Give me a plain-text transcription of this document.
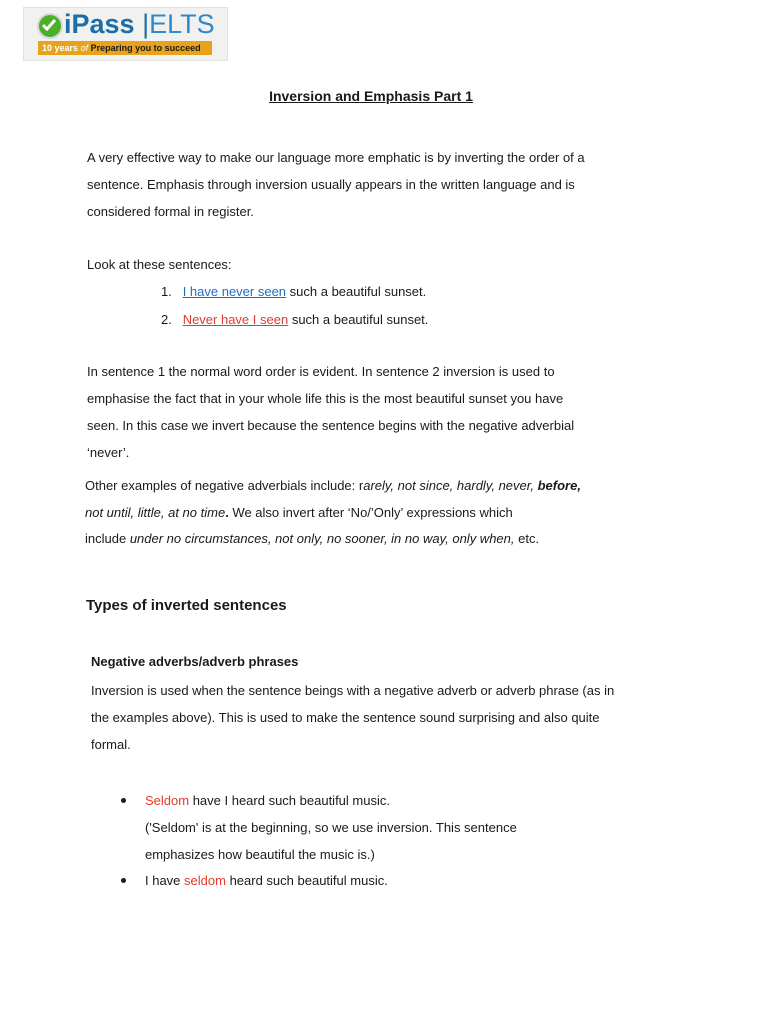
iPass |ELTS
10 years of Preparing you to succeed
Inversion and Emphasis Part 1
A very effective way to make our language more emphatic is by inverting the order of a
sentence. Emphasis through inversion usually appears in the written language and is
considered formal in register.
Look at these sentences:
1. I have never seen such a beautiful sunset.
2. Never have I seen such a beautiful sunset.
In sentence 1 the normal word order is evident. In sentence 2 inversion is used to
emphasise the fact that in your whole life this is the most beautiful sunset you have
seen. In this case we invert because the sentence begins with the negative adverbial
‘never’.
Other examples of negative adverbials include: rarely, not since, hardly, never, before,
not until, little, at no time. We also invert after ‘No/’Only’ expressions which
include under no circumstances, not only, no sooner, in no way, only when, etc.
Types of inverted sentences
Negative adverbs/adverb phrases
Inversion is used when the sentence beings with a negative adverb or adverb phrase (as in
the examples above). This is used to make the sentence sound surprising and also quite
formal.
Seldom have I heard such beautiful music.
('Seldom' is at the beginning, so we use inversion. This sentence
emphasizes how beautiful the music is.)
I have seldom heard such beautiful music.
